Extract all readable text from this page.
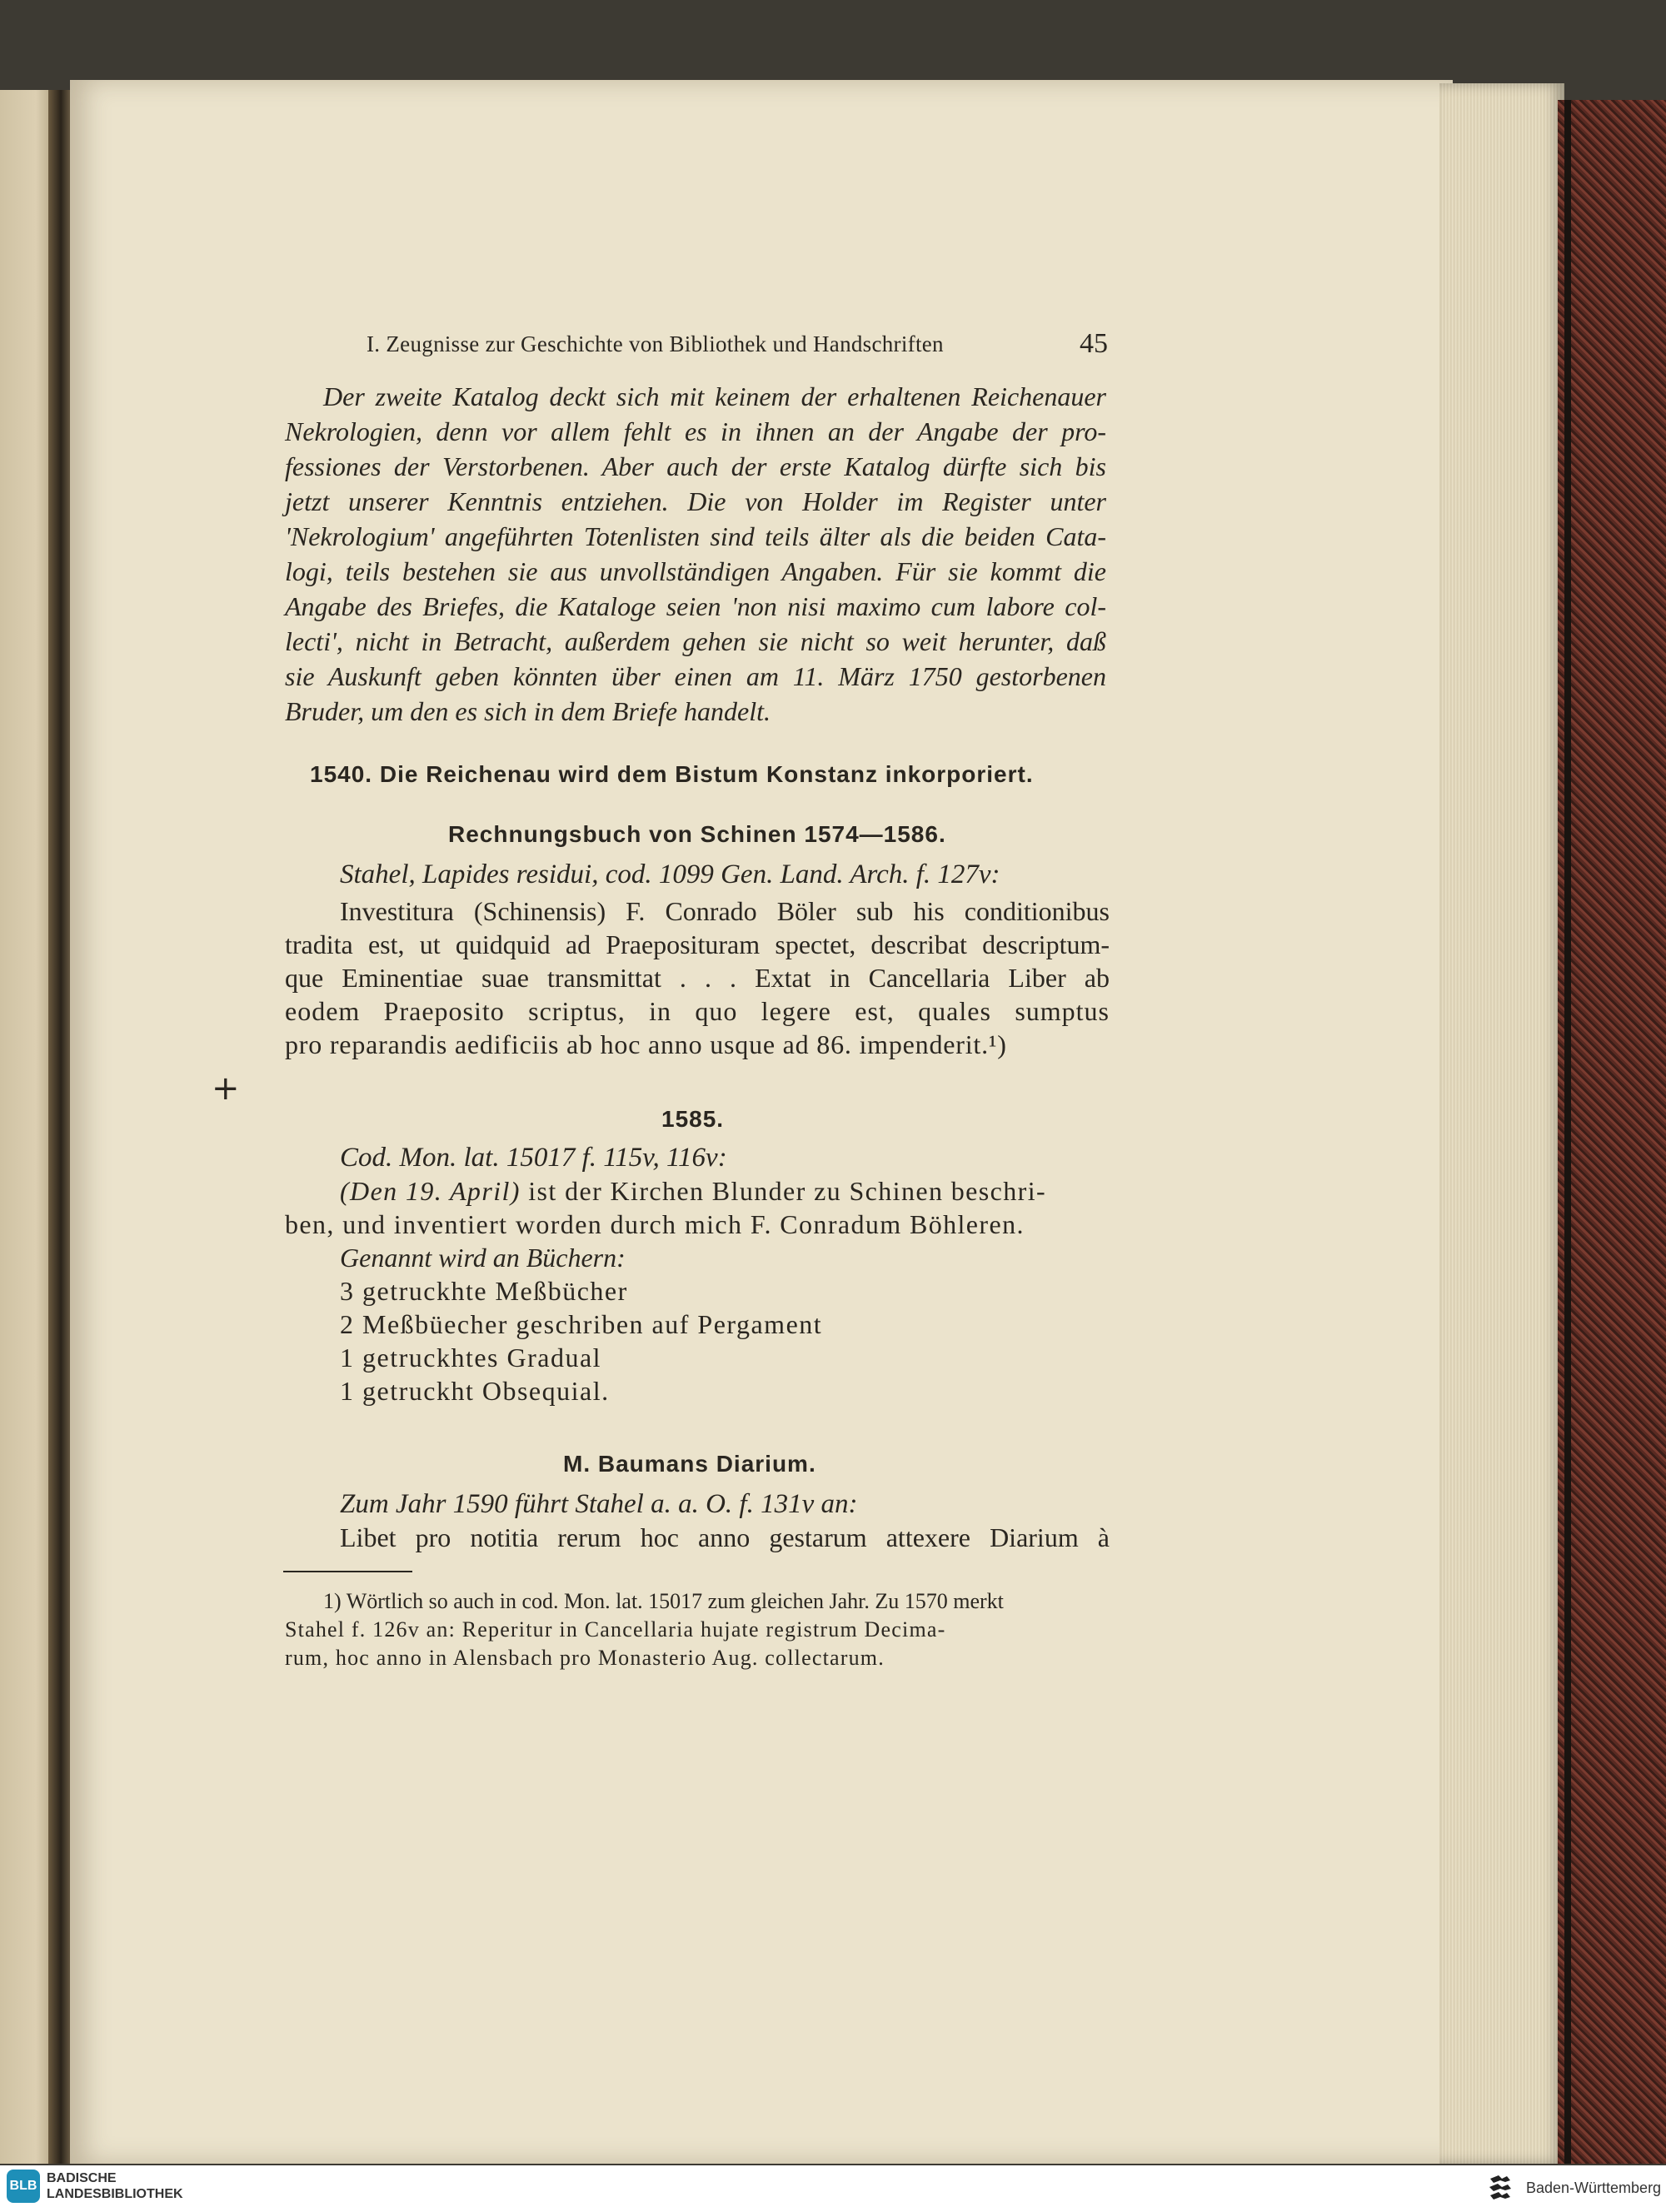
I. Zeugnisse zur Geschichte von Bibliothek und Handschriften	45
Der zweite Katalog deckt sich mit keinem der erhaltenen Reichenauer
Nekrologien, denn vor allem fehlt es in ihnen an der Angabe der pro-
fessiones der Verstorbenen. Aber auch der erste Katalog dürfte sich bis
jetzt unserer Kenntnis entziehen. Die von Holder im Register unter
'Nekrologium' angeführten Totenlisten sind teils älter als die beiden Cata-
logi, teils bestehen sie aus unvollständigen Angaben. Für sie kommt die
Angabe des Briefes, die Kataloge seien 'non nisi maximo cum labore col-
lecti', nicht in Betracht, außerdem gehen sie nicht so weit herunter, daß
sie Auskunft geben könnten über einen am 11. März 1750 gestorbenen
Bruder, um den es sich in dem Briefe handelt.
1540. Die Reichenau wird dem Bistum Konstanz inkorporiert.
Rechnungsbuch von Schinen 1574—1586.
Stahel, Lapides residui, cod. 1099 Gen. Land. Arch. f. 127v:
Investitura (Schinensis) F. Conrado Böler sub his conditionibus
tradita est, ut quidquid ad Praeposituram spectet, describat descriptum-
que Eminentiae suae transmittat . . . Extat in Cancellaria Liber ab
eodem Praeposito scriptus, in quo legere est, quales sumptus
pro reparandis aedificiis ab hoc anno usque ad 86. impenderit.¹)
+
1585.
Cod. Mon. lat. 15017 f. 115v, 116v:
(Den 19. April) ist der Kirchen Blunder zu Schinen beschri-
ben, und inventiert worden durch mich F. Conradum Böhleren.
Genannt wird an Büchern:
3 getruckhte Meßbücher
2 Meßbüecher geschriben auf Pergament
1 getruckhtes Gradual
1 getruckht Obsequial.
M. Baumans Diarium.
Zum Jahr 1590 führt Stahel a. a. O. f. 131v an:
Libet pro notitia rerum hoc anno gestarum attexere Diarium à
1) Wörtlich so auch in cod. Mon. lat. 15017 zum gleichen Jahr. Zu 1570 merkt
Stahel f. 126v an: Reperitur in Cancellaria hujate registrum Decima-
rum, hoc anno in Alensbach pro Monasterio Aug. collectarum.
BLB
BADISCHE
LANDESBIBLIOTHEK	Baden-Württemberg
